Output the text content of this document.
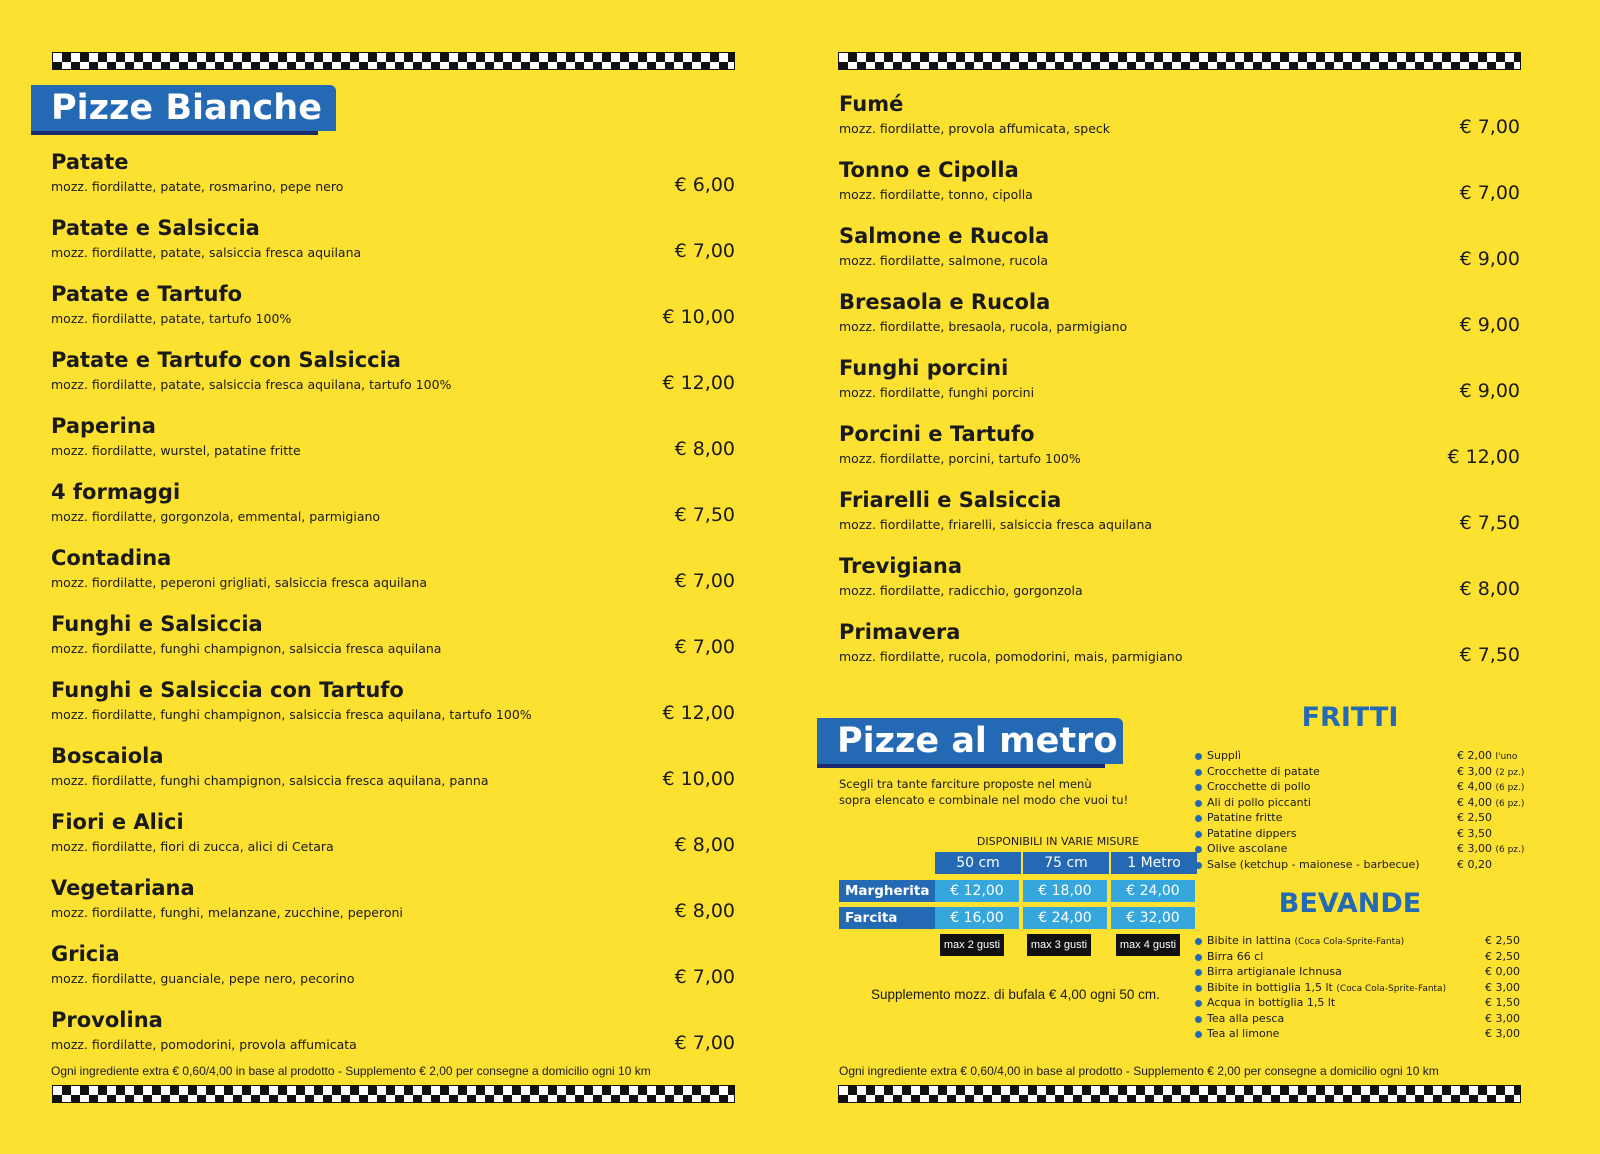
Pizze Bianche
Patate
mozz. fiordilatte, patate, rosmarino, pepe nero	€ 6,00
Patate e Salsiccia
mozz. fiordilatte, patate, salsiccia fresca aquilana	€ 7,00
Patate e Tartufo
mozz. fiordilatte, patate, tartufo 100%	€ 10,00
Patate e Tartufo con Salsiccia
mozz. fiordilatte, patate, salsiccia fresca aquilana, tartufo 100%	€ 12,00
Paperina
mozz. fiordilatte, wurstel, patatine fritte	€ 8,00
4 formaggi
mozz. fiordilatte, gorgonzola, emmental, parmigiano	€ 7,50
Contadina
mozz. fiordilatte, peperoni grigliati, salsiccia fresca aquilana	€ 7,00
Funghi e Salsiccia
mozz. fiordilatte, funghi champignon, salsiccia fresca aquilana	€ 7,00
Funghi e Salsiccia con Tartufo
mozz. fiordilatte, funghi champignon, salsiccia fresca aquilana, tartufo 100%	€ 12,00
Boscaiola
mozz. fiordilatte, funghi champignon, salsiccia fresca aquilana, panna	€ 10,00
Fiori e Alici
mozz. fiordilatte, fiori di zucca, alici di Cetara	€ 8,00
Vegetariana
mozz. fiordilatte, funghi, melanzane, zucchine, peperoni	€ 8,00
Gricia
mozz. fiordilatte, guanciale, pepe nero, pecorino	€ 7,00
Provolina
mozz. fiordilatte, pomodorini, provola affumicata	€ 7,00
Ogni ingrediente extra € 0,60/4,00 in base al prodotto - Supplemento € 2,00 per consegne a domicilio ogni 10 km
Fumé
mozz. fiordilatte, provola affumicata, speck	€ 7,00
Tonno e Cipolla
mozz. fiordilatte, tonno, cipolla	€ 7,00
Salmone e Rucola
mozz. fiordilatte, salmone, rucola	€ 9,00
Bresaola e Rucola
mozz. fiordilatte, bresaola, rucola, parmigiano	€ 9,00
Funghi porcini
mozz. fiordilatte, funghi porcini	€ 9,00
Porcini e Tartufo
mozz. fiordilatte, porcini, tartufo 100%	€ 12,00
Friarelli e Salsiccia
mozz. fiordilatte, friarelli, salsiccia fresca aquilana	€ 7,50
Trevigiana
mozz. fiordilatte, radicchio, gorgonzola	€ 8,00
Primavera
mozz. fiordilatte, rucola, pomodorini, mais, parmigiano	€ 7,50
Pizze al metro
Scegli tra tante farciture proposte nel menù
sopra elencato e combinale nel modo che vuoi tu!
DISPONIBILI IN VARIE MISURE
50 cm	75 cm	1 Metro
Margherita	€ 12,00	€ 18,00	€ 24,00
Farcita	€ 16,00	€ 24,00	€ 32,00
max 2 gusti	max 3 gusti	max 4 gusti
Supplemento mozz. di bufala € 4,00 ogni 50 cm.
FRITTI
Supplì	€ 2,00 l'uno
Crocchette di patate	€ 3,00 (2 pz.)
Crocchette di pollo	€ 4,00 (6 pz.)
Ali di pollo piccanti	€ 4,00 (6 pz.)
Patatine fritte	€ 2,50
Patatine dippers	€ 3,50
Olive ascolane	€ 3,00 (6 pz.)
Salse (ketchup - maionese - barbecue)	€ 0,20
BEVANDE
Bibite in lattina (Coca Cola-Sprite-Fanta)	€ 2,50
Birra 66 cl	€ 2,50
Birra artigianale Ichnusa	€ 0,00
Bibite in bottiglia 1,5 lt (Coca Cola-Sprite-Fanta)	€ 3,00
Acqua in bottiglia 1,5 lt	€ 1,50
Tea alla pesca	€ 3,00
Tea al limone	€ 3,00
Ogni ingrediente extra € 0,60/4,00 in base al prodotto - Supplemento € 2,00 per consegne a domicilio ogni 10 km
